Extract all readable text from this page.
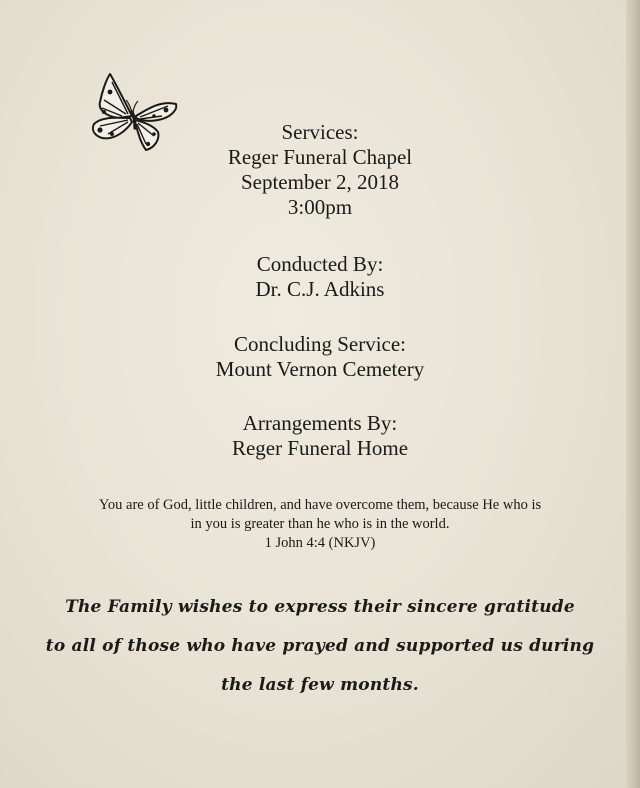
Services:
Reger Funeral Chapel
September 2, 2018
3:00pm
Conducted By:
Dr. C.J. Adkins
Concluding Service:
Mount Vernon Cemetery
Arrangements By:
Reger Funeral Home
You are of God, little children, and have overcome them, because He who is
in you is greater than he who is in the world.
1 John 4:4 (NKJV)
The Family wishes to express their sincere gratitude
to all of those who have prayed and supported us during
the last few months.
